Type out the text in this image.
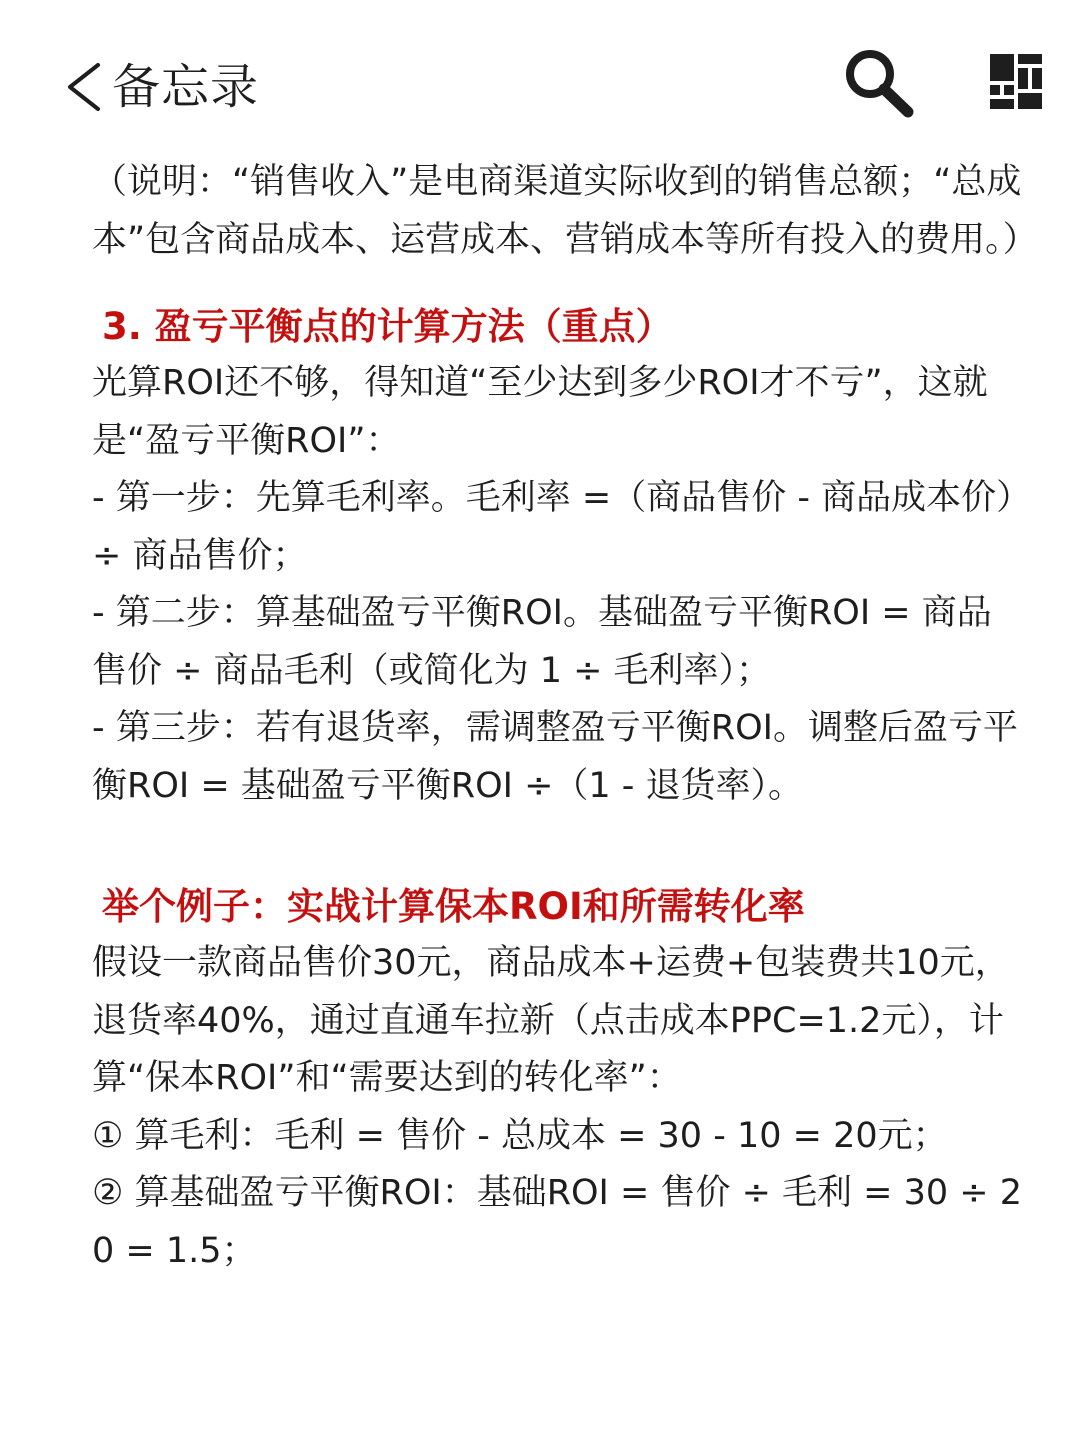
备忘录

（说明：“销售收入”是电商渠道实际收到的销售总额；“总成本”包含商品成本、运营成本、营销成本等所有投入的费用。）

3. 盈亏平衡点的计算方法（重点）

光算ROI还不够，得知道“至少达到多少ROI才不亏”，这就是“盈亏平衡ROI”：

- 第一步：先算毛利率。毛利率 =（商品售价 - 商品成本价）÷ 商品售价；

- 第二步：算基础盈亏平衡ROI。基础盈亏平衡ROI = 商品售价 ÷ 商品毛利（或简化为 1 ÷ 毛利率）；

- 第三步：若有退货率，需调整盈亏平衡ROI。调整后盈亏平衡ROI = 基础盈亏平衡ROI ÷（1 - 退货率）。

举个例子：实战计算保本ROI和所需转化率

假设一款商品售价30元，商品成本+运费+包装费共10元，退货率40%，通过直通车拉新（点击成本PPC=1.2元），计算“保本ROI”和“需要达到的转化率”：

① 算毛利：毛利 = 售价 - 总成本 = 30 - 10 = 20元；

② 算基础盈亏平衡ROI：基础ROI = 售价 ÷ 毛利 = 30 ÷ 20 = 1.5；
